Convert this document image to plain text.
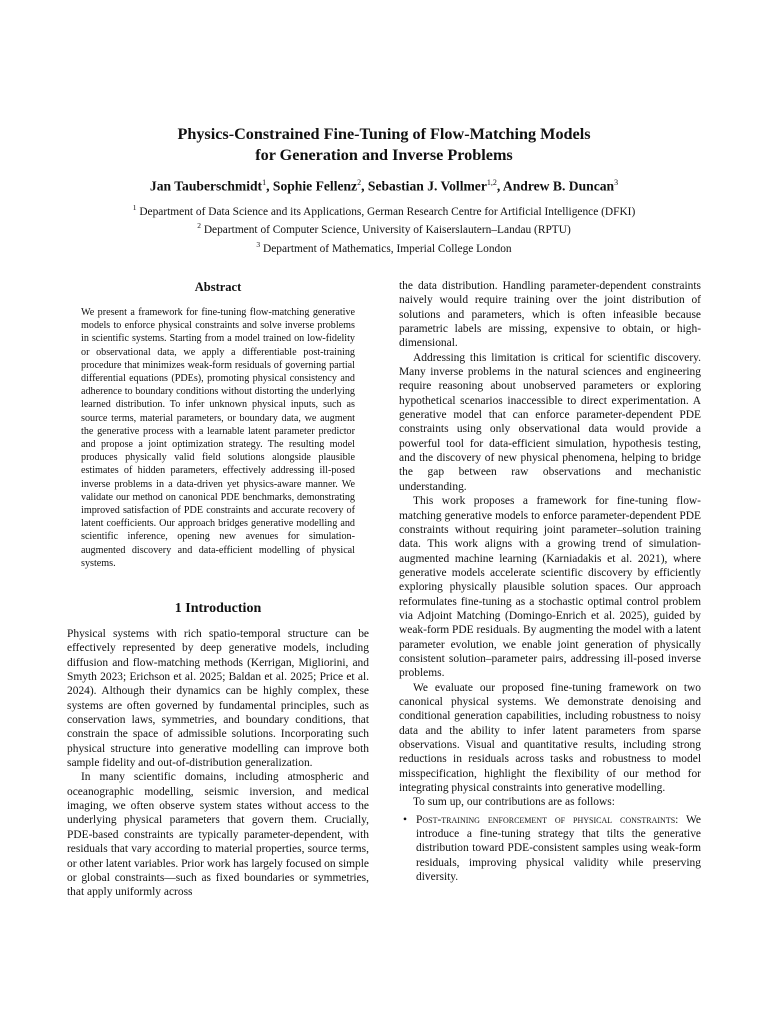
Physics-Constrained Fine-Tuning of Flow-Matching Models
for Generation and Inverse Problems
Jan Tauberschmidt$^1$, Sophie Fellenz$^2$, Sebastian J. Vollmer$^{1,2}$, Andrew B. Duncan$^3$
$^1$ Department of Data Science and its Applications, German Research Centre for Artificial Intelligence (DFKI)
$^2$ Department of Computer Science, University of Kaiserslautern–Landau (RPTU)
$^3$ Department of Mathematics, Imperial College London
Abstract
We present a framework for fine-tuning flow-matching generative models to enforce physical constraints and solve inverse problems in scientific systems. Starting from a model trained on low-fidelity or observational data, we apply a differentiable post-training procedure that minimizes weak-form residuals of governing partial differential equations (PDEs), promoting physical consistency and adherence to boundary conditions without distorting the underlying learned distribution. To infer unknown physical inputs, such as source terms, material parameters, or boundary data, we augment the generative process with a learnable latent parameter predictor and propose a joint optimization strategy. The resulting model produces physically valid field solutions alongside plausible estimates of hidden parameters, effectively addressing ill-posed inverse problems in a data-driven yet physics-aware manner. We validate our method on canonical PDE benchmarks, demonstrating improved satisfaction of PDE constraints and accurate recovery of latent coefficients. Our approach bridges generative modelling and scientific inference, opening new avenues for simulation-augmented discovery and data-efficient modelling of physical systems.
1 Introduction

Physical systems with rich spatio-temporal structure can be effectively represented by deep generative models, including diffusion and flow-matching methods (Kerrigan, Migliorini, and Smyth 2023; Erichson et al. 2025; Baldan et al. 2025; Price et al. 2024). Although their dynamics can be highly complex, these systems are often governed by fundamental principles, such as conservation laws, symmetries, and boundary conditions, that constrain the space of admissible solutions. Incorporating such physical structure into generative modelling can improve both sample fidelity and out-of-distribution generalization.

In many scientific domains, including atmospheric and oceanographic modelling, seismic inversion, and medical imaging, we often observe system states without access to the underlying physical parameters that govern them. Crucially, PDE-based constraints are typically parameter-dependent, with residuals that vary according to material properties, source terms, or other latent variables. Prior work has largely focused on simple or global constraints—such as fixed boundaries or symmetries, that apply uniformly across

the data distribution. Handling parameter-dependent constraints naively would require training over the joint distribution of solutions and parameters, which is often infeasible because parametric labels are missing, expensive to obtain, or high-dimensional.

Addressing this limitation is critical for scientific discovery. Many inverse problems in the natural sciences and engineering require reasoning about unobserved parameters or exploring hypothetical scenarios inaccessible to direct experimentation. A generative model that can enforce parameter-dependent PDE constraints using only observational data would provide a powerful tool for data-efficient simulation, hypothesis testing, and the discovery of new physical phenomena, helping to bridge the gap between raw observations and mechanistic understanding.

This work proposes a framework for fine-tuning flow-matching generative models to enforce parameter-dependent PDE constraints without requiring joint parameter–solution training data. This work aligns with a growing trend of simulation-augmented machine learning (Karniadakis et al. 2021), where generative models accelerate scientific discovery by efficiently exploring physically plausible solution spaces. Our approach reformulates fine-tuning as a stochastic optimal control problem via Adjoint Matching (Domingo-Enrich et al. 2025), guided by weak-form PDE residuals. By augmenting the model with a latent parameter evolution, we enable joint generation of physically consistent solution–parameter pairs, addressing ill-posed inverse problems.

We evaluate our proposed fine-tuning framework on two canonical physical systems. We demonstrate denoising and conditional generation capabilities, including robustness to noisy data and the ability to infer latent parameters from sparse observations. Visual and quantitative results, including strong reductions in residuals across tasks and robustness to model misspecification, highlight the flexibility of our method for integrating physical constraints into generative modelling.

To sum up, our contributions are as follows:

• Post-training enforcement of physical constraints: We introduce a fine-tuning strategy that tilts the generative distribution toward PDE-consistent samples using weak-form residuals, improving physical validity while preserving diversity.
